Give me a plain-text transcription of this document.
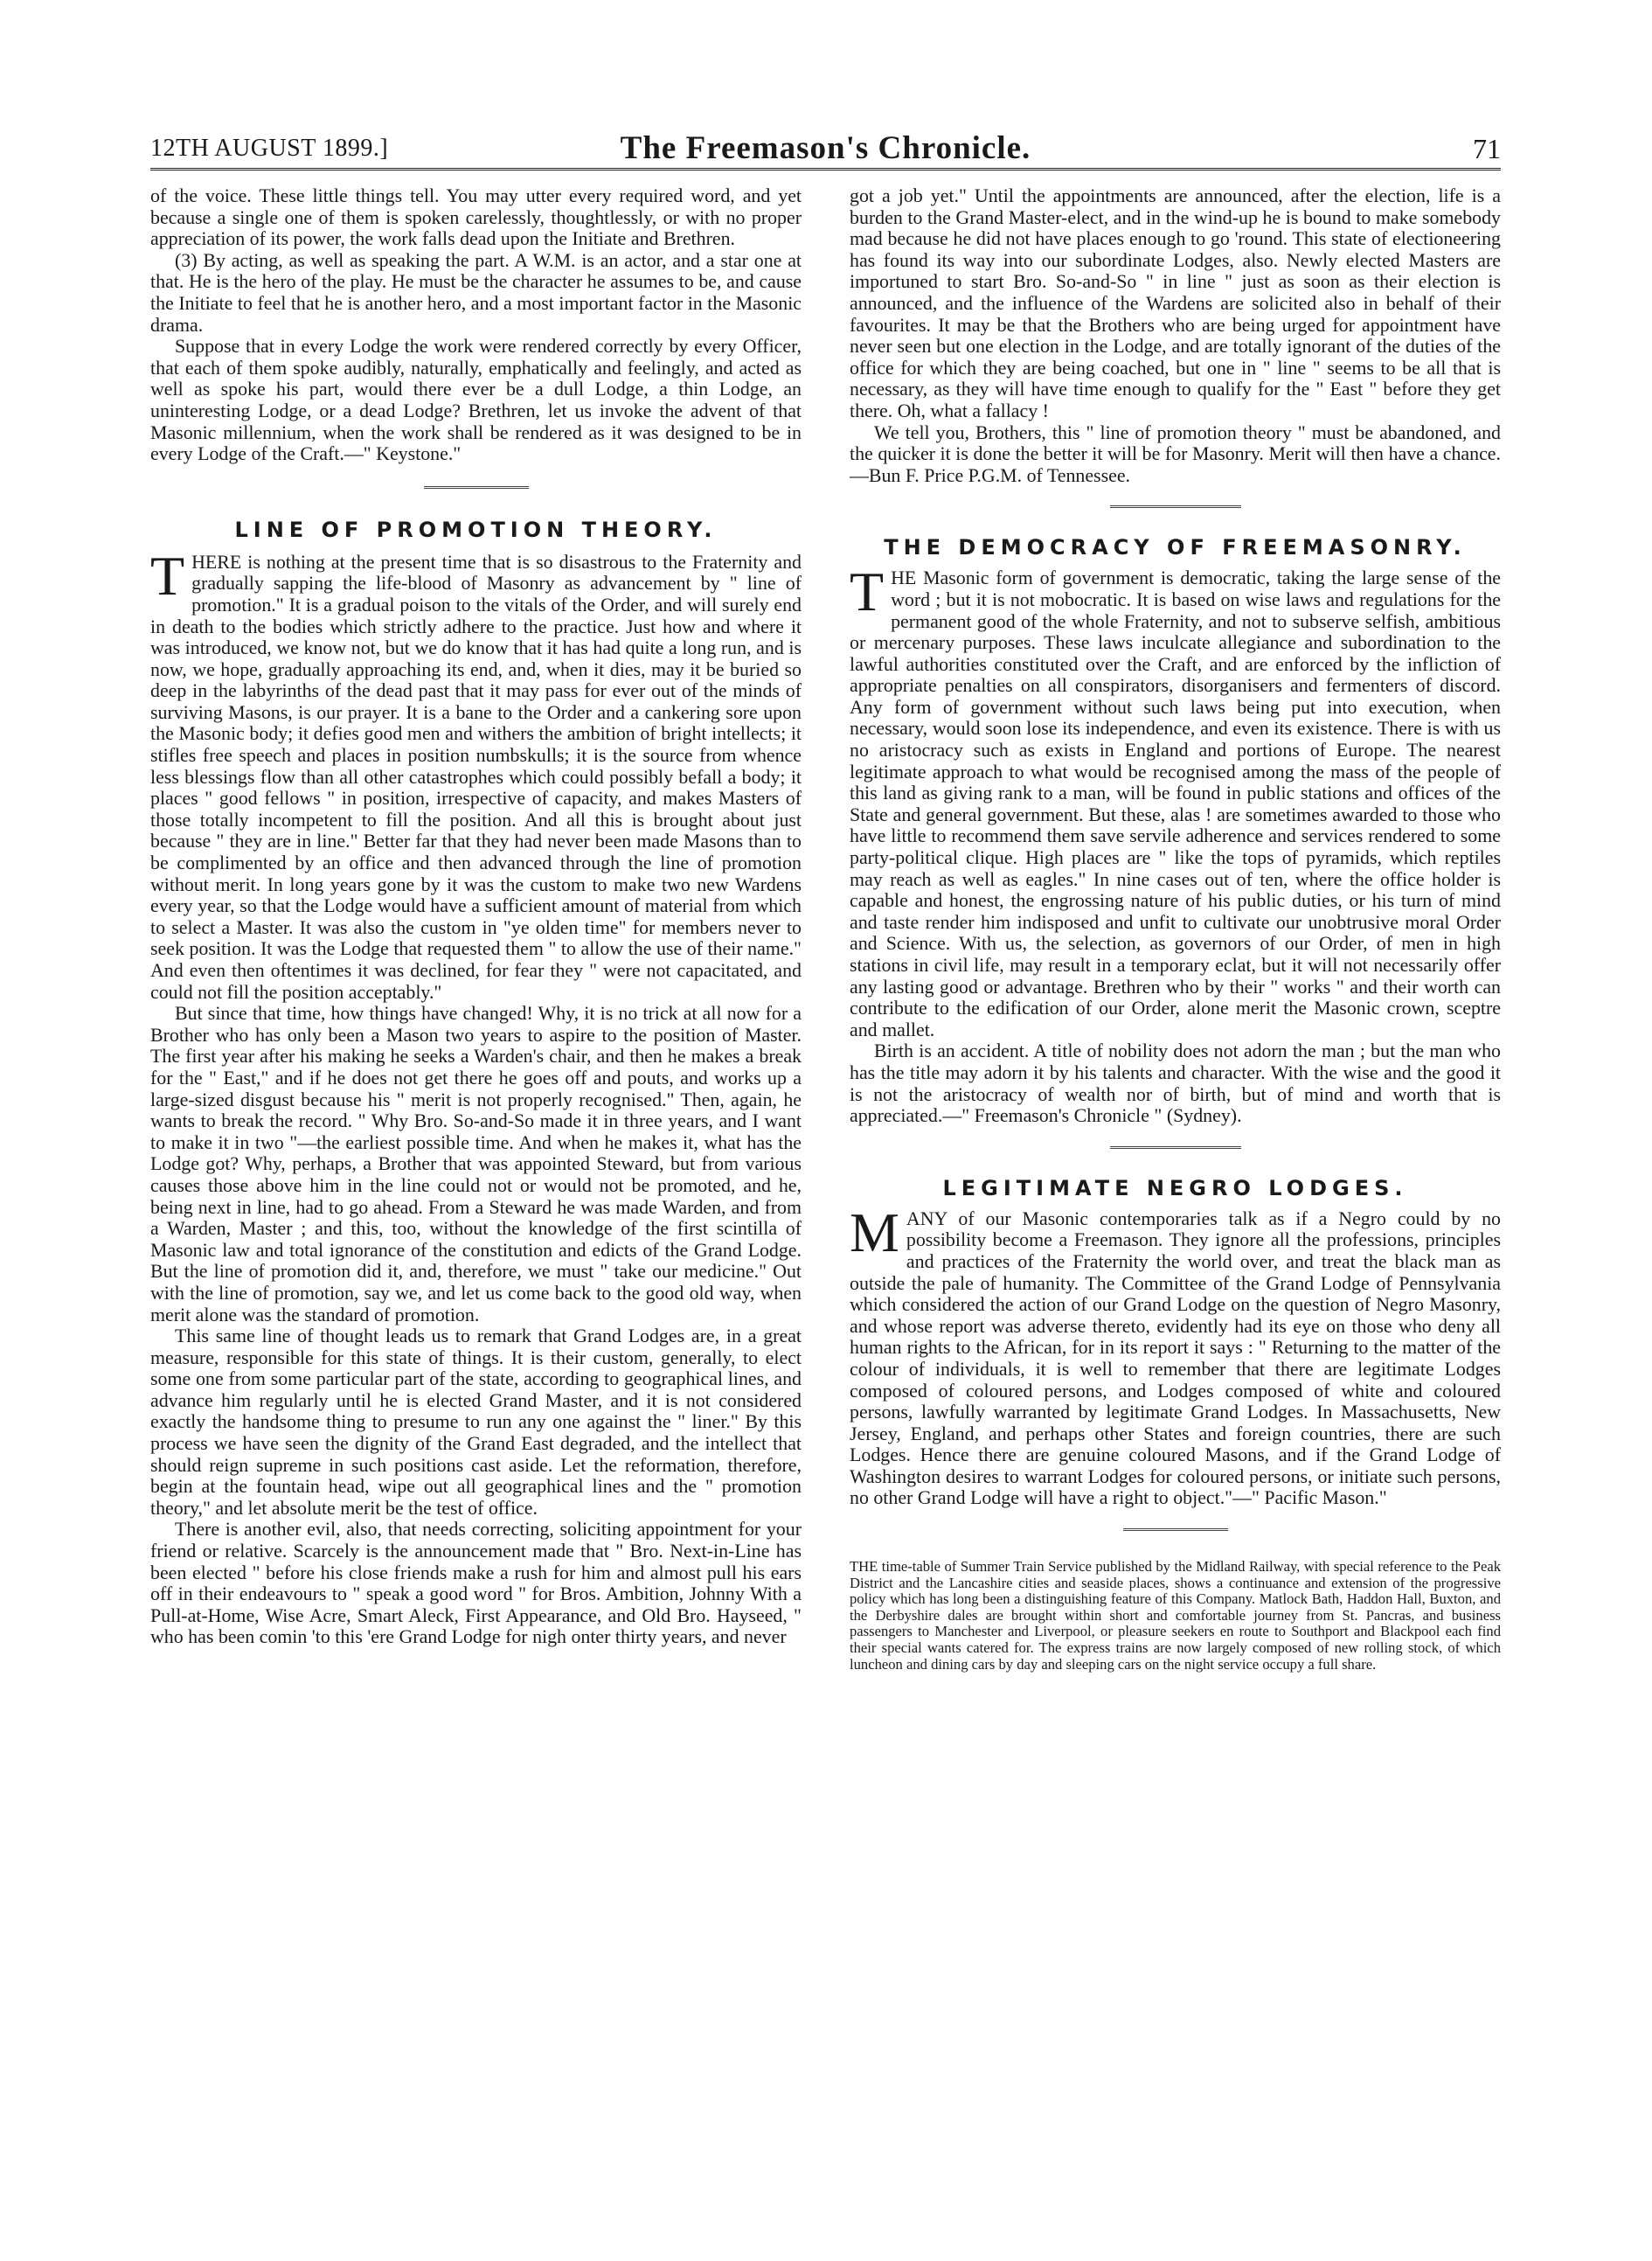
12TH AUGUST 1899.]	The Freemason's Chronicle.	71

of the voice. These little things tell. You may utter every required word, and yet because a single one of them is spoken carelessly, thoughtlessly, or with no proper appreciation of its power, the work falls dead upon the Initiate and Brethren.

(3) By acting, as well as speaking the part. A W.M. is an actor, and a star one at that. He is the hero of the play. He must be the character he assumes to be, and cause the Initiate to feel that he is another hero, and a most important factor in the Masonic drama.

Suppose that in every Lodge the work were rendered correctly by every Officer, that each of them spoke audibly, naturally, emphatically and feelingly, and acted as well as spoke his part, would there ever be a dull Lodge, a thin Lodge, an uninteresting Lodge, or a dead Lodge? Brethren, let us invoke the advent of that Masonic millennium, when the work shall be rendered as it was designed to be in every Lodge of the Craft.—" Keystone."

LINE OF PROMOTION THEORY.

THERE is nothing at the present time that is so disastrous to the Fraternity and gradually sapping the life-blood of Masonry as advancement by " line of promotion." It is a gradual poison to the vitals of the Order, and will surely end in death to the bodies which strictly adhere to the practice. Just how and where it was introduced, we know not, but we do know that it has had quite a long run, and is now, we hope, gradually approaching its end, and, when it dies, may it be buried so deep in the labyrinths of the dead past that it may pass for ever out of the minds of surviving Masons, is our prayer. It is a bane to the Order and a cankering sore upon the Masonic body; it defies good men and withers the ambition of bright intellects; it stifles free speech and places in position numbskulls; it is the source from whence less blessings flow than all other catastrophes which could possibly befall a body; it places " good fellows " in position, irrespective of capacity, and makes Masters of those totally incompetent to fill the position. And all this is brought about just because " they are in line." Better far that they had never been made Masons than to be complimented by an office and then advanced through the line of promotion without merit. In long years gone by it was the custom to make two new Wardens every year, so that the Lodge would have a sufficient amount of material from which to select a Master. It was also the custom in "ye olden time" for members never to seek position. It was the Lodge that requested them " to allow the use of their name." And even then oftentimes it was declined, for fear they " were not capacitated, and could not fill the position acceptably."

But since that time, how things have changed! Why, it is no trick at all now for a Brother who has only been a Mason two years to aspire to the position of Master. The first year after his making he seeks a Warden's chair, and then he makes a break for the " East," and if he does not get there he goes off and pouts, and works up a large-sized disgust because his " merit is not properly recognised." Then, again, he wants to break the record. " Why Bro. So-and-So made it in three years, and I want to make it in two "—the earliest possible time. And when he makes it, what has the Lodge got? Why, perhaps, a Brother that was appointed Steward, but from various causes those above him in the line could not or would not be promoted, and he, being next in line, had to go ahead. From a Steward he was made Warden, and from a Warden, Master ; and this, too, without the knowledge of the first scintilla of Masonic law and total ignorance of the constitution and edicts of the Grand Lodge. But the line of promotion did it, and, therefore, we must " take our medicine." Out with the line of promotion, say we, and let us come back to the good old way, when merit alone was the standard of promotion.

This same line of thought leads us to remark that Grand Lodges are, in a great measure, responsible for this state of things. It is their custom, generally, to elect some one from some particular part of the state, according to geographical lines, and advance him regularly until he is elected Grand Master, and it is not considered exactly the handsome thing to presume to run any one against the " liner." By this process we have seen the dignity of the Grand East degraded, and the intellect that should reign supreme in such positions cast aside. Let the reformation, therefore, begin at the fountain head, wipe out all geographical lines and the " promotion theory," and let absolute merit be the test of office.

There is another evil, also, that needs correcting, soliciting appointment for your friend or relative. Scarcely is the announcement made that " Bro. Next-in-Line has been elected " before his close friends make a rush for him and almost pull his ears off in their endeavours to " speak a good word " for Bros. Ambition, Johnny With a Pull-at-Home, Wise Acre, Smart Aleck, First Appearance, and Old Bro. Hayseed, " who has been comin 'to this 'ere Grand Lodge for nigh onter thirty years, and never

got a job yet." Until the appointments are announced, after the election, life is a burden to the Grand Master-elect, and in the wind-up he is bound to make somebody mad because he did not have places enough to go 'round. This state of electioneering has found its way into our subordinate Lodges, also. Newly elected Masters are importuned to start Bro. So-and-So " in line " just as soon as their election is announced, and the influence of the Wardens are solicited also in behalf of their favourites. It may be that the Brothers who are being urged for appointment have never seen but one election in the Lodge, and are totally ignorant of the duties of the office for which they are being coached, but one in " line " seems to be all that is necessary, as they will have time enough to qualify for the " East " before they get there. Oh, what a fallacy !

We tell you, Brothers, this " line of promotion theory " must be abandoned, and the quicker it is done the better it will be for Masonry. Merit will then have a chance.—Bun F. Price P.G.M. of Tennessee.

THE DEMOCRACY OF FREEMASONRY.

THE Masonic form of government is democratic, taking the large sense of the word ; but it is not mobocratic. It is based on wise laws and regulations for the permanent good of the whole Fraternity, and not to subserve selfish, ambitious or mercenary purposes. These laws inculcate allegiance and subordination to the lawful authorities constituted over the Craft, and are enforced by the infliction of appropriate penalties on all conspirators, disorganisers and fermenters of discord. Any form of government without such laws being put into execution, when necessary, would soon lose its independence, and even its existence. There is with us no aristocracy such as exists in England and portions of Europe. The nearest legitimate approach to what would be recognised among the mass of the people of this land as giving rank to a man, will be found in public stations and offices of the State and general government. But these, alas ! are sometimes awarded to those who have little to recommend them save servile adherence and services rendered to some party-political clique. High places are " like the tops of pyramids, which reptiles may reach as well as eagles." In nine cases out of ten, where the office holder is capable and honest, the engrossing nature of his public duties, or his turn of mind and taste render him indisposed and unfit to cultivate our unobtrusive moral Order and Science. With us, the selection, as governors of our Order, of men in high stations in civil life, may result in a temporary eclat, but it will not necessarily offer any lasting good or advantage. Brethren who by their " works " and their worth can contribute to the edification of our Order, alone merit the Masonic crown, sceptre and mallet.

Birth is an accident. A title of nobility does not adorn the man ; but the man who has the title may adorn it by his talents and character. With the wise and the good it is not the aristocracy of wealth nor of birth, but of mind and worth that is appreciated.—" Freemason's Chronicle " (Sydney).

LEGITIMATE NEGRO LODGES.

MANY of our Masonic contemporaries talk as if a Negro could by no possibility become a Freemason. They ignore all the professions, principles and practices of the Fraternity the world over, and treat the black man as outside the pale of humanity. The Committee of the Grand Lodge of Pennsylvania which considered the action of our Grand Lodge on the question of Negro Masonry, and whose report was adverse thereto, evidently had its eye on those who deny all human rights to the African, for in its report it says : " Returning to the matter of the colour of individuals, it is well to remember that there are legitimate Lodges composed of coloured persons, and Lodges composed of white and coloured persons, lawfully warranted by legitimate Grand Lodges. In Massachusetts, New Jersey, England, and perhaps other States and foreign countries, there are such Lodges. Hence there are genuine coloured Masons, and if the Grand Lodge of Washington desires to warrant Lodges for coloured persons, or initiate such persons, no other Grand Lodge will have a right to object."—" Pacific Mason."

THE time-table of Summer Train Service published by the Midland Railway, with special reference to the Peak District and the Lancashire cities and seaside places, shows a continuance and extension of the progressive policy which has long been a distinguishing feature of this Company. Matlock Bath, Haddon Hall, Buxton, and the Derbyshire dales are brought within short and comfortable journey from St. Pancras, and business passengers to Manchester and Liverpool, or pleasure seekers en route to Southport and Blackpool each find their special wants catered for. The express trains are now largely composed of new rolling stock, of which luncheon and dining cars by day and sleeping cars on the night service occupy a full share.
